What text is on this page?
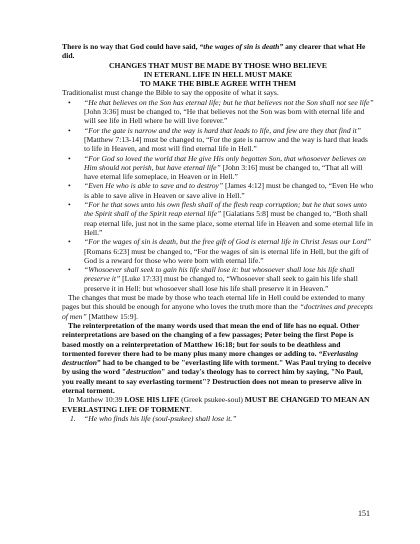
There is no way that God could have said, “the wages of sin is death” any clearer that what He did.

CHANGES THAT MUST BE MADE BY THOSE WHO BELIEVE

IN ETERANL LIFE IN HELL MUST MAKE

TO MAKE THE BIBLE AGREE WITH THEM

Traditionalist must change the Bible to say the opposite of what it says.

• “He that believes on the Son has eternal life; but he that believes not the Son shall not see life” [John 3:36] must be changed to, “He that believes not the Son was born with eternal life and will see life in Hell where he will live forever.”
• “For the gate is narrow and the way is hard that leads to life, and few are they that find it” [Matthew 7:13-14] must be changed to, “For the gate is narrow and the way is hard that leads to life in Heaven, and most will find eternal life in Hell.”
• “For God so loved the world that He give His only begotten Son, that whosoever believes on Him should not perish, but have eternal life” [John 3:16] must be changed to, “That all will have eternal life someplace, in Heaven or in Hell.”
• “Even He who is able to save and to destroy” [James 4:12] must be changed to, “Even He who is able to save alive in Heaven or save alive in Hell.”
• “For he that sows unto his own flesh shall of the flesh reap corruption; but he that sows unto the Spirit shall of the Spirit reap eternal life” [Galatians 5:8] must be changed to, “Both shall reap eternal life, just not in the same place, some eternal life in Heaven and some eternal life in Hell.”
• “For the wages of sin is death, but the free gift of God is eternal life in Christ Jesus our Lord” [Romans 6:23] must be changed to, “For the wages of sin is eternal life in Hell, but the gift of God is a reward for those who were born with eternal life.”
• “Whosoever shall seek to gain his life shall lose it: but whosoever shall lose his life shall preserve it” [Luke 17:33] must be changed to, “Whosoever shall seek to gain his life shall preserve it in Hell: but whosoever shall lose his life shall preserve it in Heaven.”

The changes that must be made by those who teach eternal life in Hell could be extended to many pages but this should be enough for anyone who loves the truth more than the “doctrines and precepts of men” [Matthew 15:9].

The reinterpretation of the many words used that mean the end of life has no equal. Other reinterpretations are based on the changing of a few passages; Peter being the first Pope is based mostly on a reinterpretation of Matthew 16:18; but for souls to be deathless and tormented forever there had to be many plus many more changes or adding to. “Everlasting destruction” had to be changed to be "everlasting life with torment." Was Paul trying to deceive by using the word "destruction" and today's theology has to correct him by saying, "No Paul, you really meant to say everlasting torment"? Destruction does not mean to preserve alive in eternal torment.

In Matthew 10:39 LOSE HIS LIFE (Greek psukee-soul) MUST BE CHANGED TO MEAN AN EVERLASTING LIFE OF TORMENT.

1. “He who finds his life (soul-psukee) shall lose it.”
151
